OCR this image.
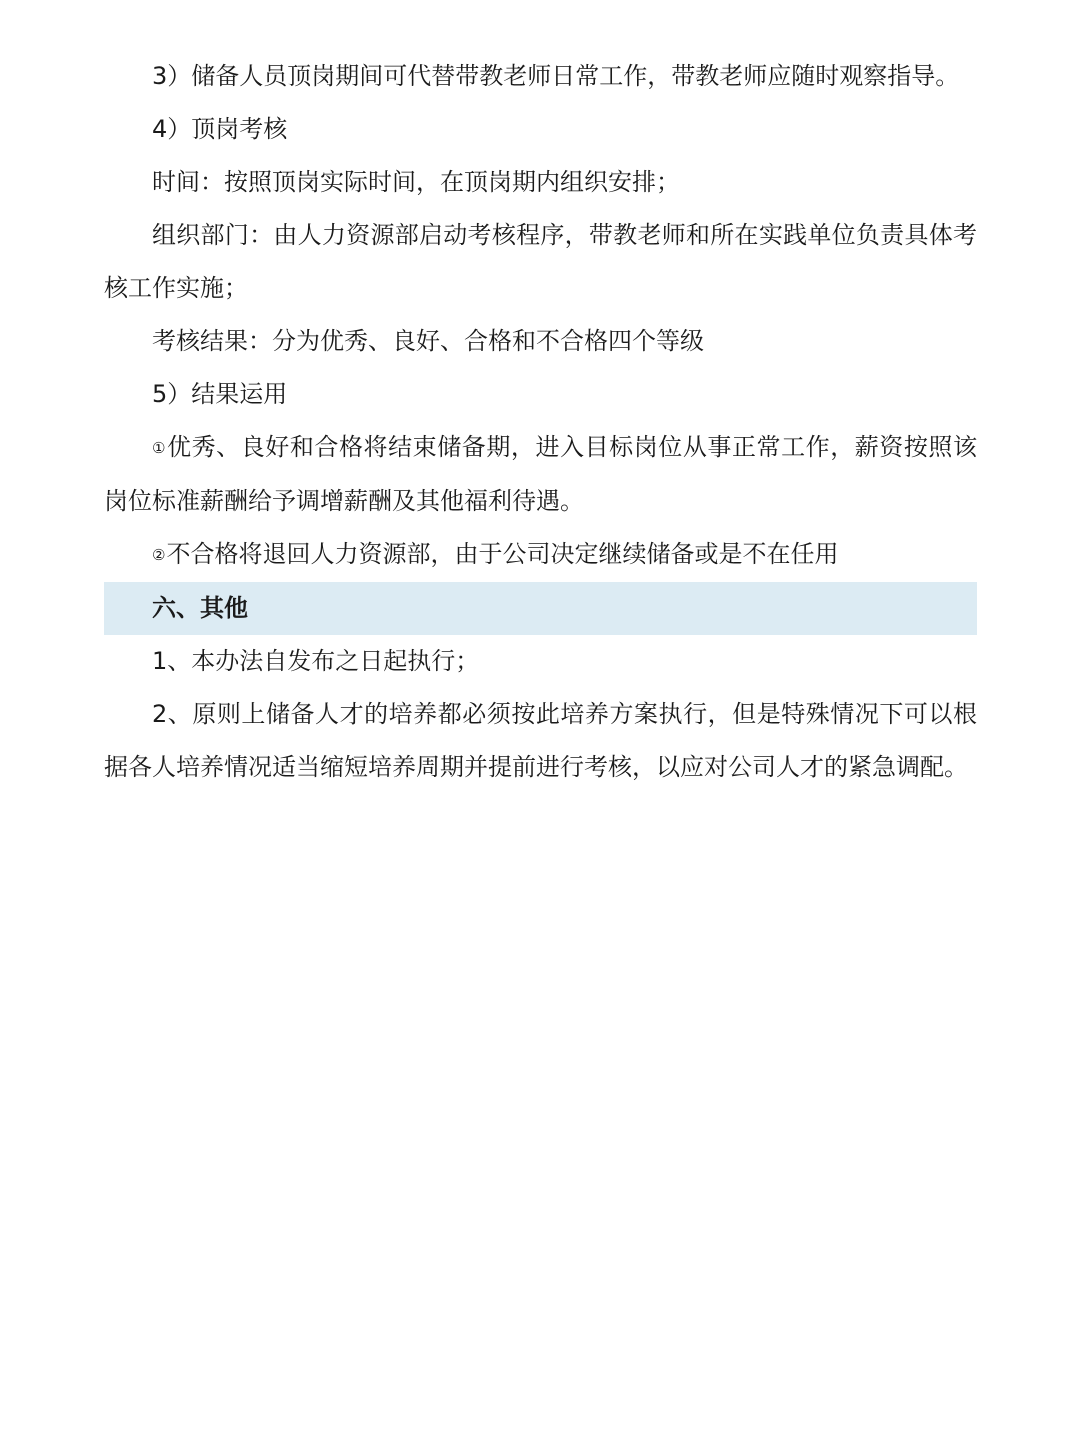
3）储备人员顶岗期间可代替带教老师日常工作，带教老师应随时观察指导。

4）顶岗考核

时间：按照顶岗实际时间，在顶岗期内组织安排；

组织部门：由人力资源部启动考核程序，带教老师和所在实践单位负责具体考核工作实施；

考核结果：分为优秀、良好、合格和不合格四个等级

5）结果运用

①优秀、良好和合格将结束储备期，进入目标岗位从事正常工作，薪资按照该岗位标准薪酬给予调增薪酬及其他福利待遇。

②不合格将退回人力资源部，由于公司决定继续储备或是不在任用

六、其他

1、本办法自发布之日起执行；

2、原则上储备人才的培养都必须按此培养方案执行，但是特殊情况下可以根据各人培养情况适当缩短培养周期并提前进行考核，以应对公司人才的紧急调配。
